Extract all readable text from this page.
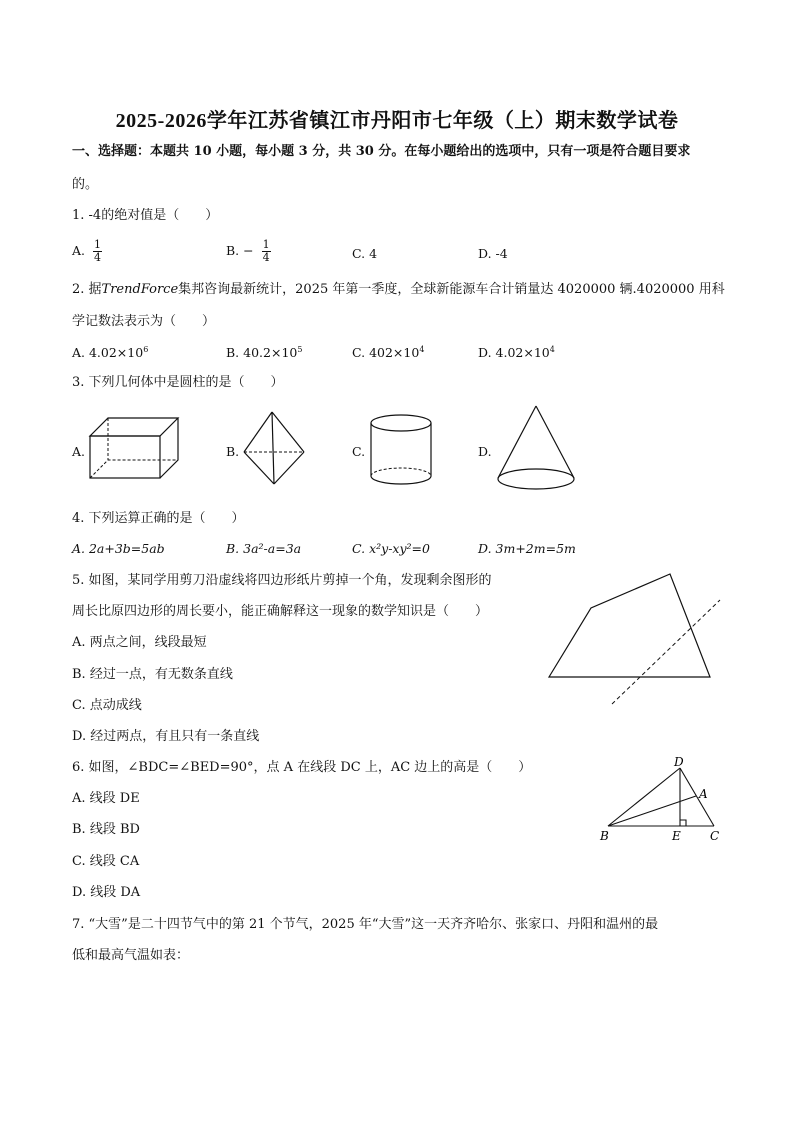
2025-2026学年江苏省镇江市丹阳市七年级（上）期末数学试卷
一、选择题：本题共 10 小题，每小题 3 分，共 30 分。在每小题给出的选项中，只有一项是符合题目要求
的。
1. -4的绝对值是（　　）
A. $\frac{1}{4}$	B. − $\frac{1}{4}$	C. 4	D. -4
2. 据TrendForce集邦咨询最新统计，2025 年第一季度，全球新能源车合计销量达 4020000 辆.4020000 用科
学记数法表示为（　　）
A. $4.02\times 10^6$	B. $40.2\times 10^5$	C. $402\times 10^4$	D. $4.02\times 10^4$
3. 下列几何体中是圆柱的是（　　）
A.	B.	C.	D.
4. 下列运算正确的是（　　）
A. 2a+3b=5ab	B. 3a²-a=3a	C. x²y-xy²=0	D. 3m+2m=5m
5. 如图，某同学用剪刀沿虚线将四边形纸片剪掉一个角，发现剩余图形的
周长比原四边形的周长要小，能正确解释这一现象的数学知识是（　　）
A. 两点之间，线段最短
B. 经过一点，有无数条直线
C. 点动成线
D. 经过两点，有且只有一条直线
6. 如图，∠BDC=∠BED=90°，点 A 在线段 DC 上，AC 边上的高是（　　）
A. 线段 DE
B. 线段 BD
C. 线段 CA
D. 线段 DA
D
A
B	E C
7. “大雪”是二十四节气中的第 21 个节气，2025 年“大雪”这一天齐齐哈尔、张家口、丹阳和温州的最
低和最高气温如表：
